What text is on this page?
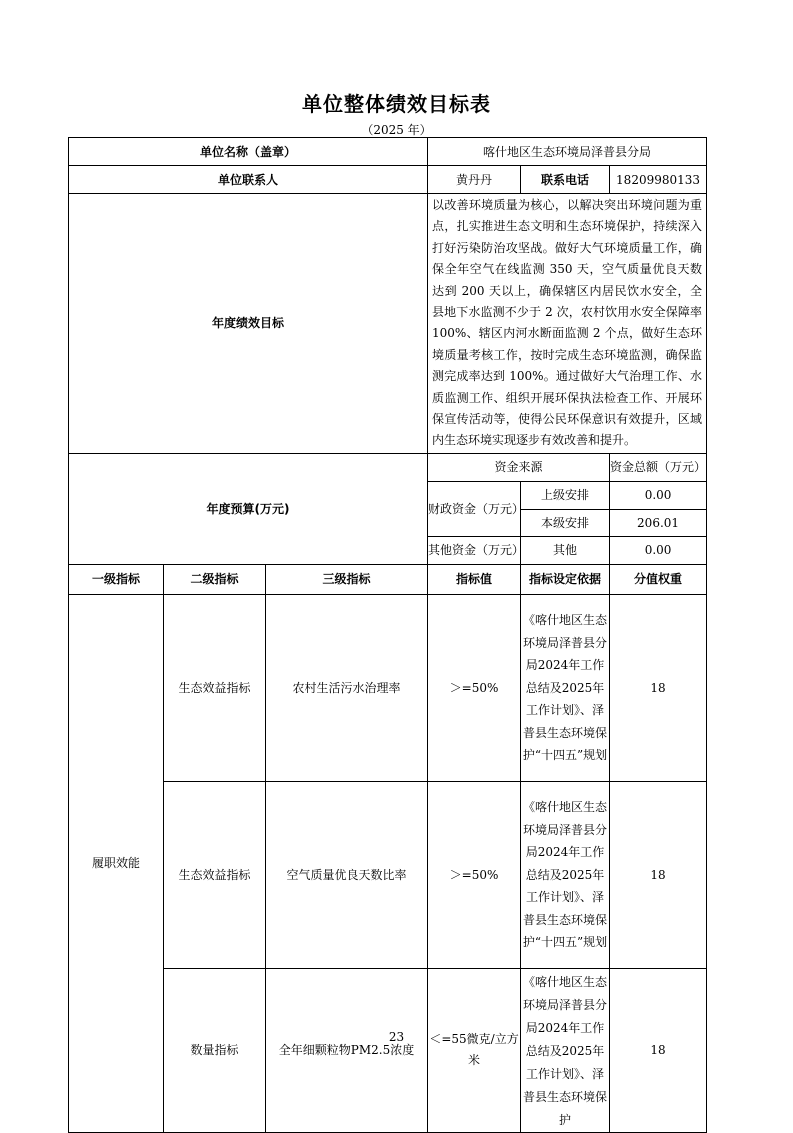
单位整体绩效目标表
（2025 年）
单位名称（盖章）			喀什地区生态环境局泽普县分局		
单位联系人			黄丹丹	联系电话	18209980133
年度绩效目标			以改善环境质量为核心，以解决突出环境问题为重点，扎实推进生态文明和生态环境保护，持续深入打好污染防治攻坚战。做好大气环境质量工作，确保全年空气在线监测 350 天，空气质量优良天数达到 200 天以上，确保辖区内居民饮水安全，全县地下水监测不少于 2 次，农村饮用水安全保障率 100%、辖区内河水断面监测 2 个点，做好生态环境质量考核工作，按时完成生态环境监测，确保监测完成率达到 100%。通过做好大气治理工作、水质监测工作、组织开展环保执法检查工作、开展环保宣传活动等，使得公民环保意识有效提升，区域内生态环境实现逐步有效改善和提升。		
年度预算(万元)			资金来源		资金总额（万元）
			财政资金（万元）	上级安排	0.00
				本级安排	206.01
			其他资金（万元）	其他	0.00
一级指标	二级指标	三级指标	指标值	指标设定依据	分值权重
履职效能	生态效益指标	农村生活污水治理率	＞=50%	《喀什地区生态环境局泽普县分局2024年工作总结及2025年工作计划》、泽普县生态环境保护“十四五”规划	18
	生态效益指标	空气质量优良天数比率	＞=50%	《喀什地区生态环境局泽普县分局2024年工作总结及2025年工作计划》、泽普县生态环境保护“十四五”规划	18
	数量指标	全年细颗粒物PM2.5浓度	＜=55微克/立方米	《喀什地区生态环境局泽普县分局2024年工作总结及2025年工作计划》、泽普县生态环境保护	18
23
